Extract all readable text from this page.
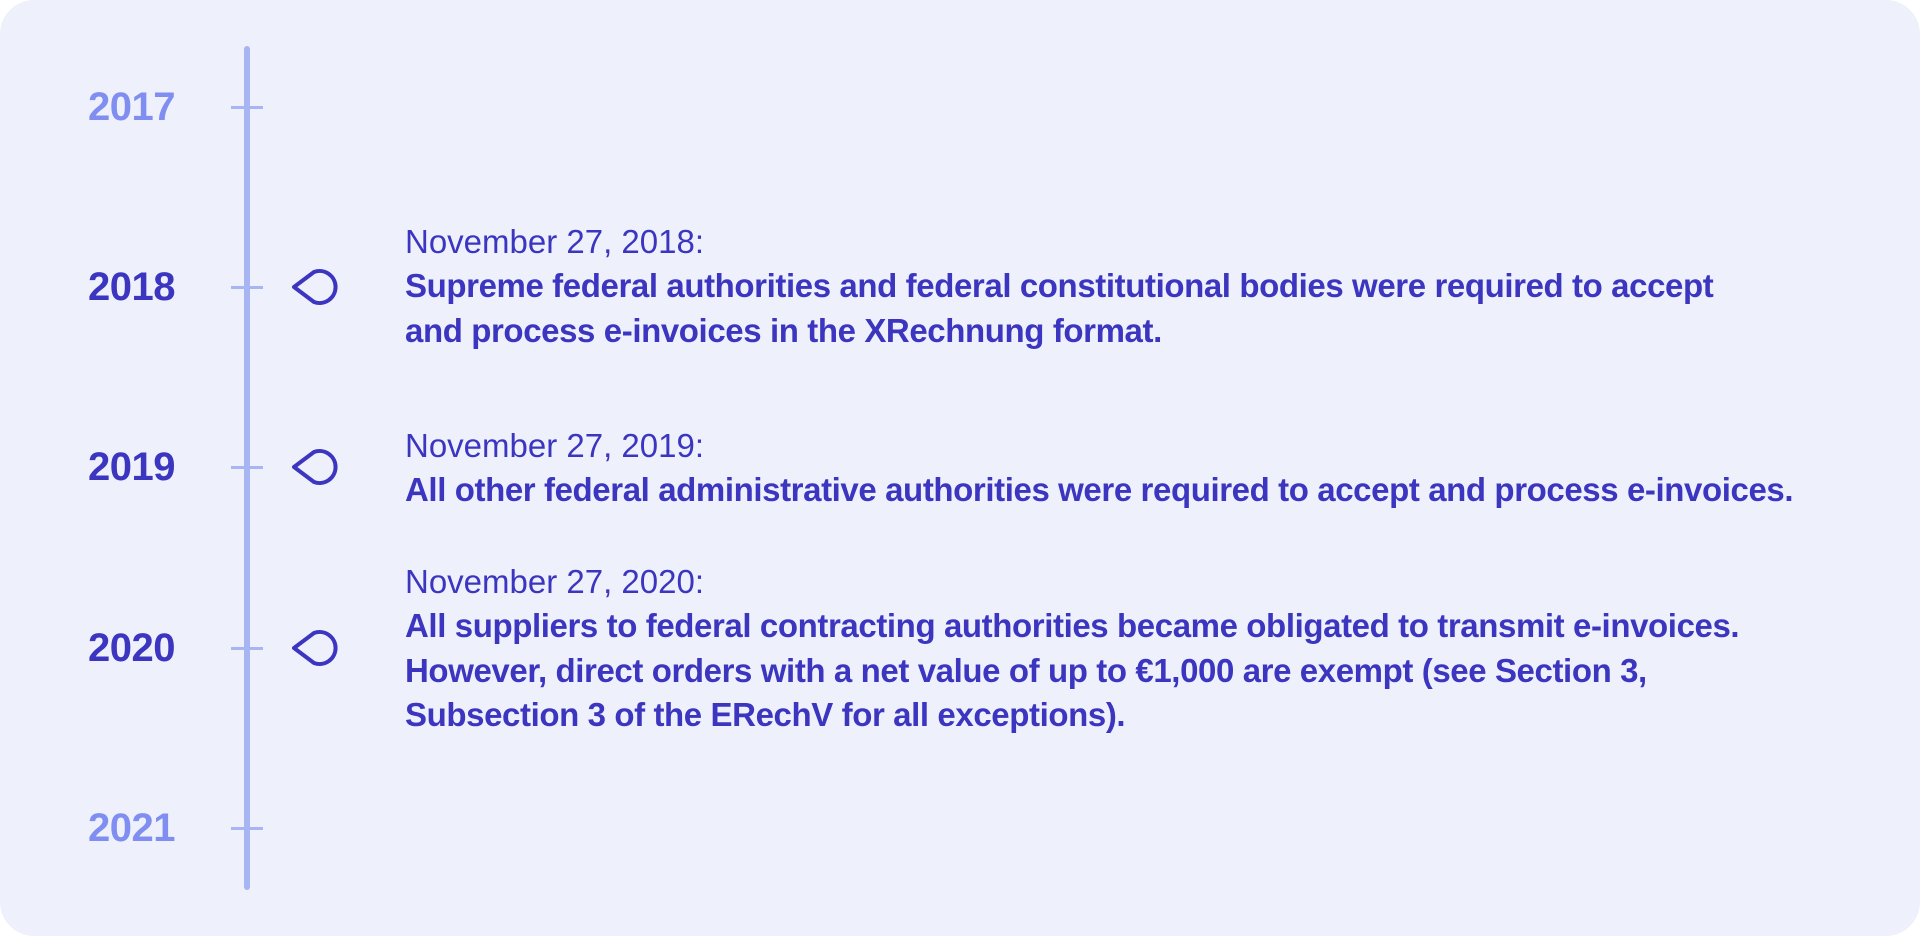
2017
2018
2019
2020
2021
November 27, 2018:
Supreme federal authorities and federal constitutional bodies were required to accept
and process e-invoices in the XRechnung format.
November 27, 2019:
All other federal administrative authorities were required to accept and process e-invoices.
November 27, 2020:
All suppliers to federal contracting authorities became obligated to transmit e-invoices.
However, direct orders with a net value of up to €1,000 are exempt (see Section 3,
Subsection 3 of the ERechV for all exceptions).
